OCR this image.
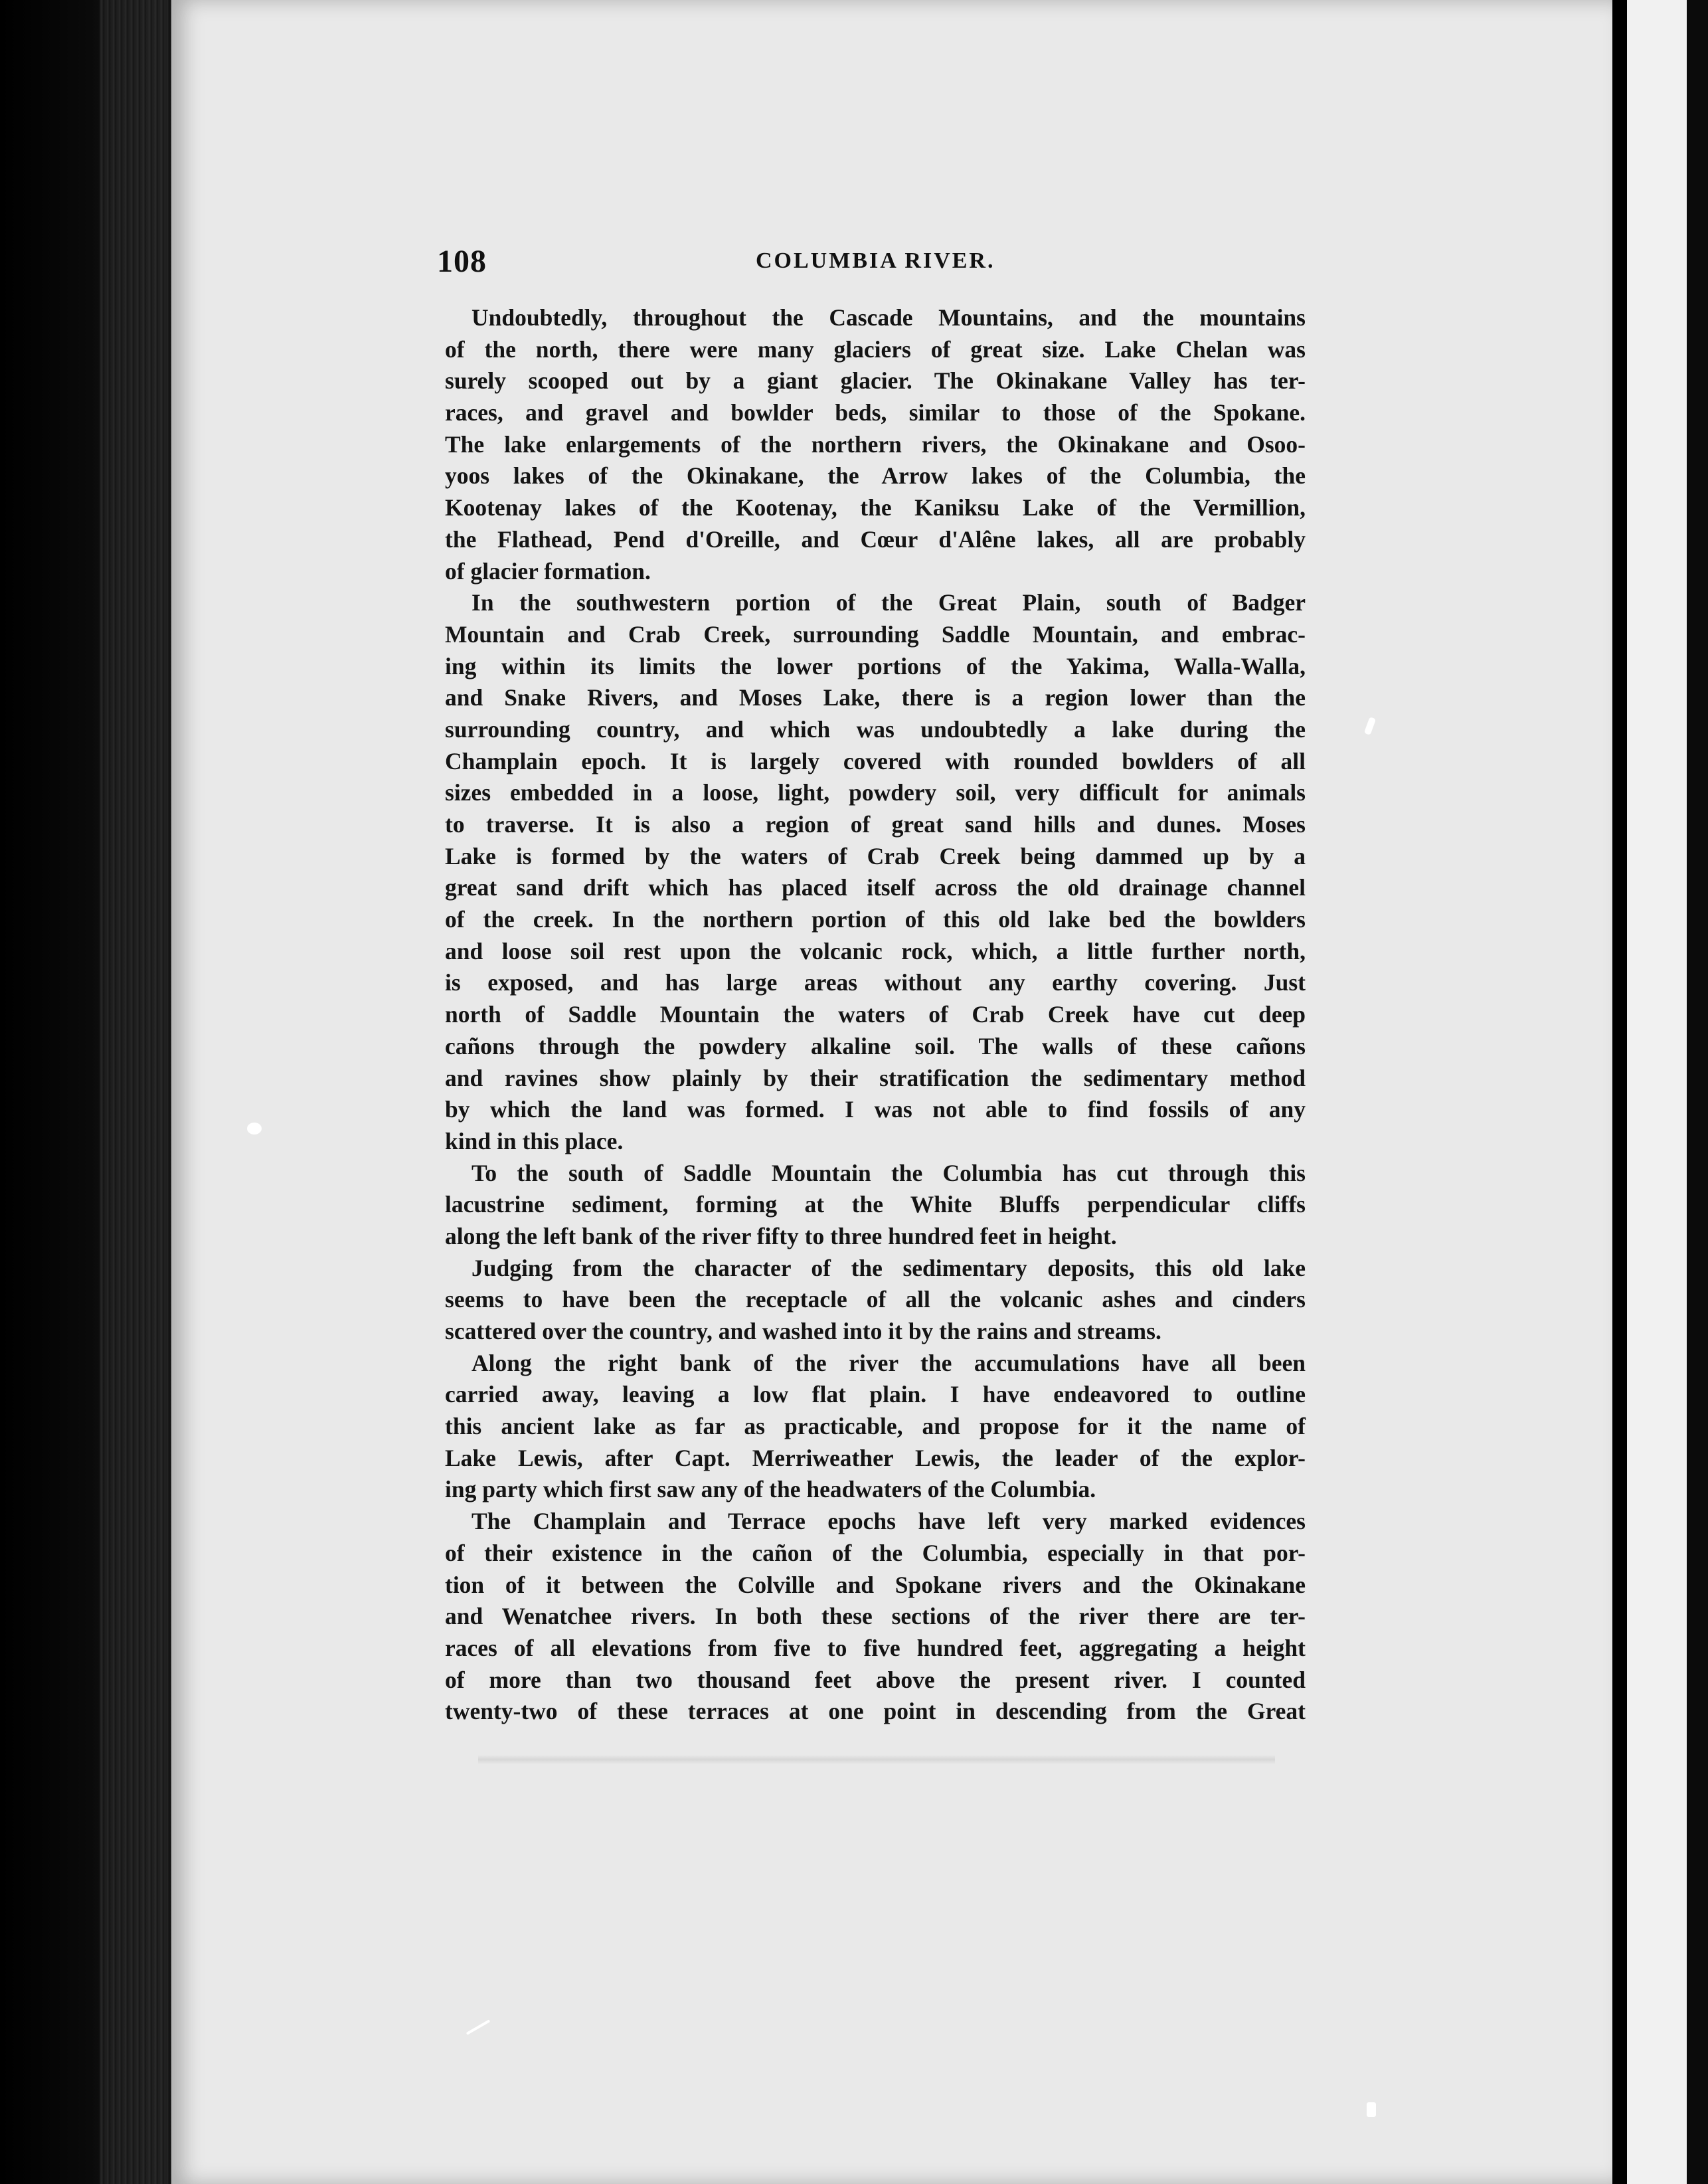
108	COLUMBIA RIVER.
Undoubtedly, throughout the Cascade Mountains, and the mountains
of the north, there were many glaciers of great size. Lake Chelan was
surely scooped out by a giant glacier. The Okinakane Valley has ter-
races, and gravel and bowlder beds, similar to those of the Spokane.
The lake enlargements of the northern rivers, the Okinakane and Osoo-
yoos lakes of the Okinakane, the Arrow lakes of the Columbia, the
Kootenay lakes of the Kootenay, the Kaniksu Lake of the Vermillion,
the Flathead, Pend d'Oreille, and Cœur d'Alêne lakes, all are probably
of glacier formation.
In the southwestern portion of the Great Plain, south of Badger
Mountain and Crab Creek, surrounding Saddle Mountain, and embrac-
ing within its limits the lower portions of the Yakima, Walla-Walla,
and Snake Rivers, and Moses Lake, there is a region lower than the
surrounding country, and which was undoubtedly a lake during the
Champlain epoch. It is largely covered with rounded bowlders of all
sizes embedded in a loose, light, powdery soil, very difficult for animals
to traverse. It is also a region of great sand hills and dunes. Moses
Lake is formed by the waters of Crab Creek being dammed up by a
great sand drift which has placed itself across the old drainage channel
of the creek. In the northern portion of this old lake bed the bowlders
and loose soil rest upon the volcanic rock, which, a little further north,
is exposed, and has large areas without any earthy covering. Just
north of Saddle Mountain the waters of Crab Creek have cut deep
cañons through the powdery alkaline soil. The walls of these cañons
and ravines show plainly by their stratification the sedimentary method
by which the land was formed. I was not able to find fossils of any
kind in this place.
To the south of Saddle Mountain the Columbia has cut through this
lacustrine sediment, forming at the White Bluffs perpendicular cliffs
along the left bank of the river fifty to three hundred feet in height.
Judging from the character of the sedimentary deposits, this old lake
seems to have been the receptacle of all the volcanic ashes and cinders
scattered over the country, and washed into it by the rains and streams.
Along the right bank of the river the accumulations have all been
carried away, leaving a low flat plain. I have endeavored to outline
this ancient lake as far as practicable, and propose for it the name of
Lake Lewis, after Capt. Merriweather Lewis, the leader of the explor-
ing party which first saw any of the headwaters of the Columbia.
The Champlain and Terrace epochs have left very marked evidences
of their existence in the cañon of the Columbia, especially in that por-
tion of it between the Colville and Spokane rivers and the Okinakane
and Wenatchee rivers. In both these sections of the river there are ter-
races of all elevations from five to five hundred feet, aggregating a height
of more than two thousand feet above the present river. I counted
twenty-two of these terraces at one point in descending from the Great
